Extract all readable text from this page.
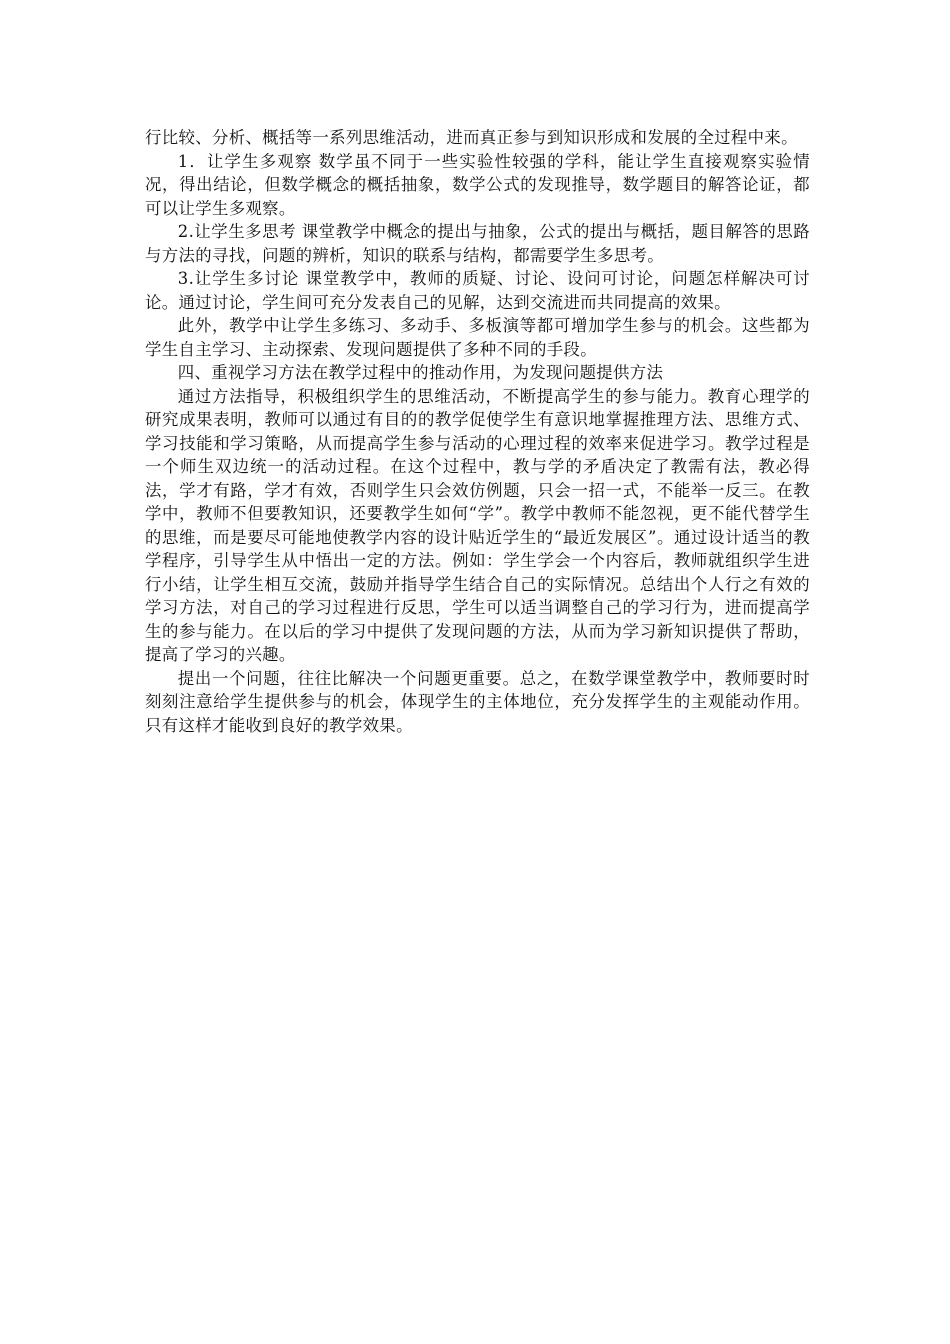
行比较、分析、概括等一系列思维活动，进而真正参与到知识形成和发展的全过程中来。

1．让学生多观察 数学虽不同于一些实验性较强的学科，能让学生直接观察实验情况，得出结论，但数学概念的概括抽象，数学公式的发现推导，数学题目的解答论证，都可以让学生多观察。

2.让学生多思考 课堂教学中概念的提出与抽象，公式的提出与概括，题目解答的思路与方法的寻找，问题的辨析，知识的联系与结构，都需要学生多思考。

3.让学生多讨论 课堂教学中，教师的质疑、讨论、设问可讨论，问题怎样解决可讨论。通过讨论，学生间可充分发表自己的见解，达到交流进而共同提高的效果。

此外，教学中让学生多练习、多动手、多板演等都可增加学生参与的机会。这些都为学生自主学习、主动探索、发现问题提供了多种不同的手段。

四、重视学习方法在教学过程中的推动作用，为发现问题提供方法

通过方法指导，积极组织学生的思维活动，不断提高学生的参与能力。教育心理学的研究成果表明，教师可以通过有目的的教学促使学生有意识地掌握推理方法、思维方式、学习技能和学习策略，从而提高学生参与活动的心理过程的效率来促进学习。教学过程是一个师生双边统一的活动过程。在这个过程中，教与学的矛盾决定了教需有法，教必得法，学才有路，学才有效，否则学生只会效仿例题，只会一招一式，不能举一反三。在教学中，教师不但要教知识，还要教学生如何“学”。教学中教师不能忽视，更不能代替学生的思维，而是要尽可能地使教学内容的设计贴近学生的“最近发展区”。通过设计适当的教学程序，引导学生从中悟出一定的方法。例如：学生学会一个内容后，教师就组织学生进行小结，让学生相互交流，鼓励并指导学生结合自己的实际情况。总结出个人行之有效的学习方法，对自己的学习过程进行反思，学生可以适当调整自己的学习行为，进而提高学生的参与能力。在以后的学习中提供了发现问题的方法，从而为学习新知识提供了帮助，提高了学习的兴趣。

提出一个问题，往往比解决一个问题更重要。总之，在数学课堂教学中，教师要时时刻刻注意给学生提供参与的机会，体现学生的主体地位，充分发挥学生的主观能动作用。只有这样才能收到良好的教学效果。
